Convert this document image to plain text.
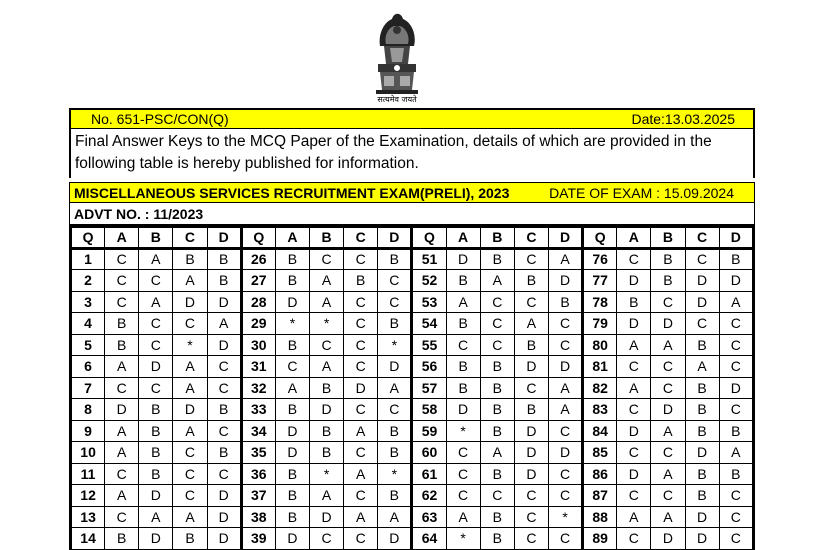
सत्यमेव जयते
No. 651-PSC/CON(Q)	Date:13.03.2025
Final Answer Keys to the MCQ Paper of the Examination, details of which are provided in the following table is hereby published for information.
MISCELLANEOUS SERVICES RECRUITMENT EXAM(PRELI), 2023	DATE OF EXAM : 15.09.2024
ADVT NO. : 11/2023
Q	A	B	C	D	Q	A	B	C	D	Q	A	B	C	D	Q	A	B	C	D
1	C	A	B	B	26	B	C	C	B	51	D	B	C	A	76	C	B	C	B
2	C	C	A	B	27	B	A	B	C	52	B	A	B	D	77	D	B	D	D
3	C	A	D	D	28	D	A	C	C	53	A	C	C	B	78	B	C	D	A
4	B	C	C	A	29	*	*	C	B	54	B	C	A	C	79	D	D	C	C
5	B	C	*	D	30	B	C	C	*	55	C	C	B	C	80	A	A	B	C
6	A	D	A	C	31	C	A	C	D	56	B	B	D	D	81	C	C	A	C
7	C	C	A	C	32	A	B	D	A	57	B	B	C	A	82	A	C	B	D
8	D	B	D	B	33	B	D	C	C	58	D	B	B	A	83	C	D	B	C
9	A	B	A	C	34	D	B	A	B	59	*	B	D	C	84	D	A	B	B
10	A	B	C	B	35	D	B	C	B	60	C	A	D	D	85	C	C	D	A
11	C	B	C	C	36	B	*	A	*	61	C	B	D	C	86	D	A	B	B
12	A	D	C	D	37	B	A	C	B	62	C	C	C	C	87	C	C	B	C
13	C	A	A	D	38	B	D	A	A	63	A	B	C	*	88	A	A	D	C
14	B	D	B	D	39	D	C	C	D	64	*	B	C	C	89	C	D	D	C
